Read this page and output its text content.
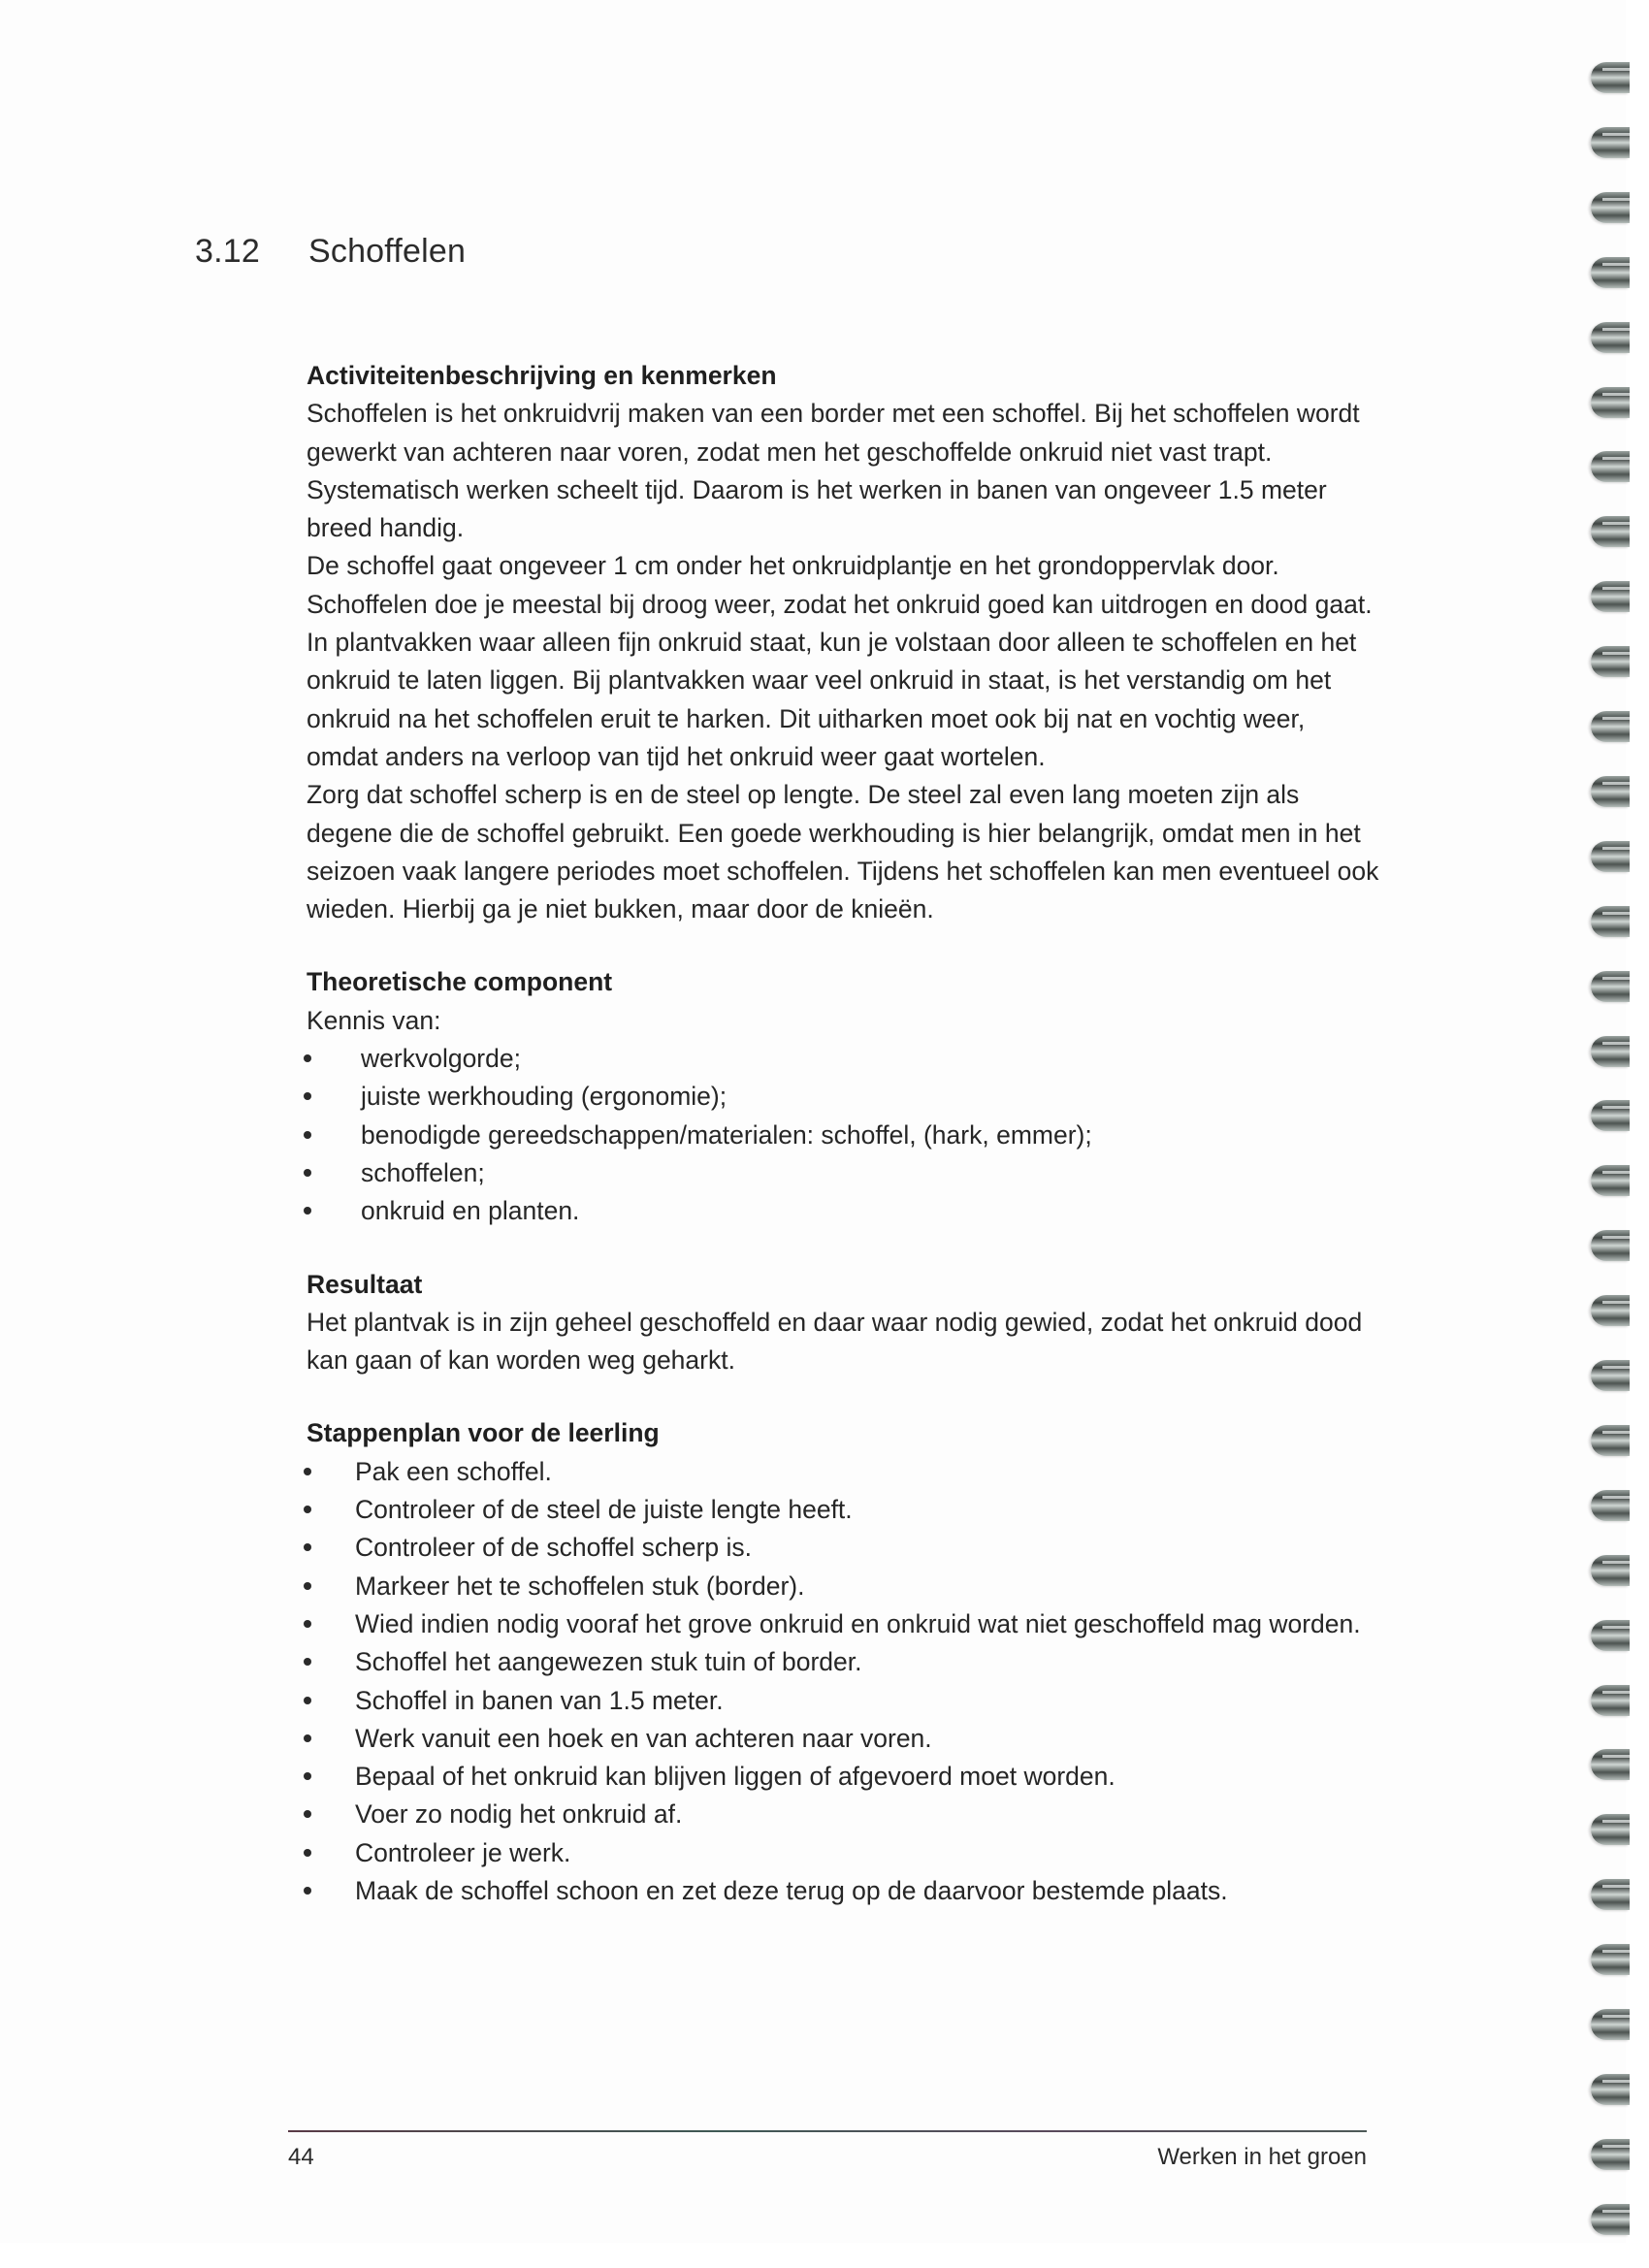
3.12 Schoffelen
Activiteitenbeschrijving en kenmerken

Schoffelen is het onkruidvrij maken van een border met een schoffel. Bij het schoffelen wordt gewerkt van achteren naar voren, zodat men het geschoffelde onkruid niet vast trapt. Systematisch werken scheelt tijd. Daarom is het werken in banen van ongeveer 1.5 meter breed handig.

De schoffel gaat ongeveer 1 cm onder het onkruidplantje en het grondoppervlak door. Schoffelen doe je meestal bij droog weer, zodat het onkruid goed kan uitdrogen en dood gaat.

In plantvakken waar alleen fijn onkruid staat, kun je volstaan door alleen te schoffelen en het onkruid te laten liggen. Bij plantvakken waar veel onkruid in staat, is het verstandig om het onkruid na het schoffelen eruit te harken. Dit uitharken moet ook bij nat en vochtig weer, omdat anders na verloop van tijd het onkruid weer gaat wortelen.

Zorg dat schoffel scherp is en de steel op lengte. De steel zal even lang moeten zijn als degene die de schoffel gebruikt. Een goede werkhouding is hier belangrijk, omdat men in het seizoen vaak langere periodes moet schoffelen. Tijdens het schoffelen kan men eventueel ook wieden. Hierbij ga je niet bukken, maar door de knieën.

Theoretische component

Kennis van:

werkvolgorde;
juiste werkhouding (ergonomie);
benodigde gereedschappen/materialen: schoffel, (hark, emmer);
schoffelen;
onkruid en planten.
Resultaat

Het plantvak is in zijn geheel geschoffeld en daar waar nodig gewied, zodat het onkruid dood kan gaan of kan worden weg geharkt.

Stappenplan voor de leerling
Pak een schoffel.
Controleer of de steel de juiste lengte heeft.
Controleer of de schoffel scherp is.
Markeer het te schoffelen stuk (border).
Wied indien nodig vooraf het grove onkruid en onkruid wat niet geschoffeld mag worden.
Schoffel het aangewezen stuk tuin of border.
Schoffel in banen van 1.5 meter.
Werk vanuit een hoek en van achteren naar voren.
Bepaal of het onkruid kan blijven liggen of afgevoerd moet worden.
Voer zo nodig het onkruid af.
Controleer je werk.
Maak de schoffel schoon en zet deze terug op de daarvoor bestemde plaats.
44	Werken in het groen
